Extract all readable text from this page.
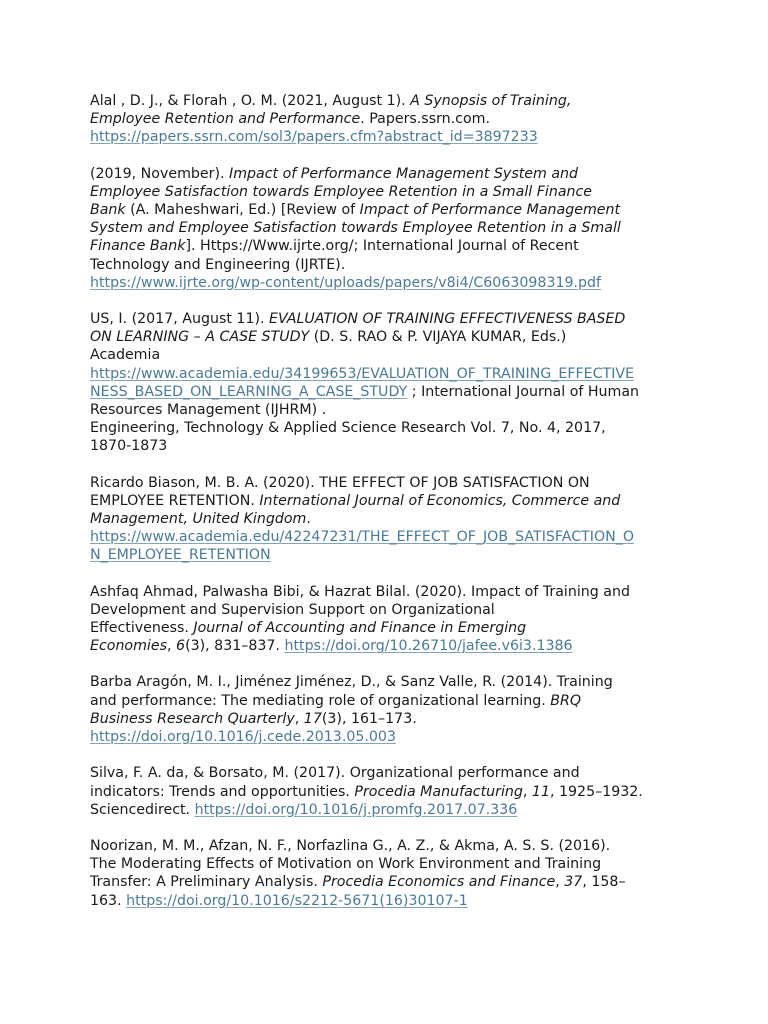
Alal , D. J., & Florah , O. M. (2021, August 1). A Synopsis of Training,
Employee Retention and Performance. Papers.ssrn.com.
https://papers.ssrn.com/sol3/papers.cfm?abstract_id=3897233
(2019, November). Impact of Performance Management System and
Employee Satisfaction towards Employee Retention in a Small Finance
Bank (A. Maheshwari, Ed.) [Review of Impact of Performance Management
System and Employee Satisfaction towards Employee Retention in a Small
Finance Bank]. Https://Www.ijrte.org/; International Journal of Recent
Technology and Engineering (IJRTE).
https://www.ijrte.org/wp-content/uploads/papers/v8i4/C6063098319.pdf
US, I. (2017, August 11). EVALUATION OF TRAINING EFFECTIVENESS BASED
ON LEARNING – A CASE STUDY (D. S. RAO & P. VIJAYA KUMAR, Eds.)
Academia
https://www.academia.edu/34199653/EVALUATION_OF_TRAINING_EFFECTIVE
NESS_BASED_ON_LEARNING_A_CASE_STUDY ; International Journal of Human
Resources Management (IJHRM) .
Engineering, Technology & Applied Science Research Vol. 7, No. 4, 2017,
1870-1873
Ricardo Biason, M. B. A. (2020). THE EFFECT OF JOB SATISFACTION ON
EMPLOYEE RETENTION. International Journal of Economics, Commerce and
Management, United Kingdom.
https://www.academia.edu/42247231/THE_EFFECT_OF_JOB_SATISFACTION_O
N_EMPLOYEE_RETENTION
Ashfaq Ahmad, Palwasha Bibi, & Hazrat Bilal. (2020). Impact of Training and
Development and Supervision Support on Organizational
Effectiveness. Journal of Accounting and Finance in Emerging
Economies, 6(3), 831–837. https://doi.org/10.26710/jafee.v6i3.1386
Barba Aragón, M. I., Jiménez Jiménez, D., & Sanz Valle, R. (2014). Training
and performance: The mediating role of organizational learning. BRQ
Business Research Quarterly, 17(3), 161–173.
https://doi.org/10.1016/j.cede.2013.05.003
Silva, F. A. da, & Borsato, M. (2017). Organizational performance and
indicators: Trends and opportunities. Procedia Manufacturing, 11, 1925–1932.
Sciencedirect. https://doi.org/10.1016/j.promfg.2017.07.336
Noorizan, M. M., Afzan, N. F., Norfazlina G., A. Z., & Akma, A. S. S. (2016).
The Moderating Effects of Motivation on Work Environment and Training
Transfer: A Preliminary Analysis. Procedia Economics and Finance, 37, 158–
163. https://doi.org/10.1016/s2212-5671(16)30107-1
